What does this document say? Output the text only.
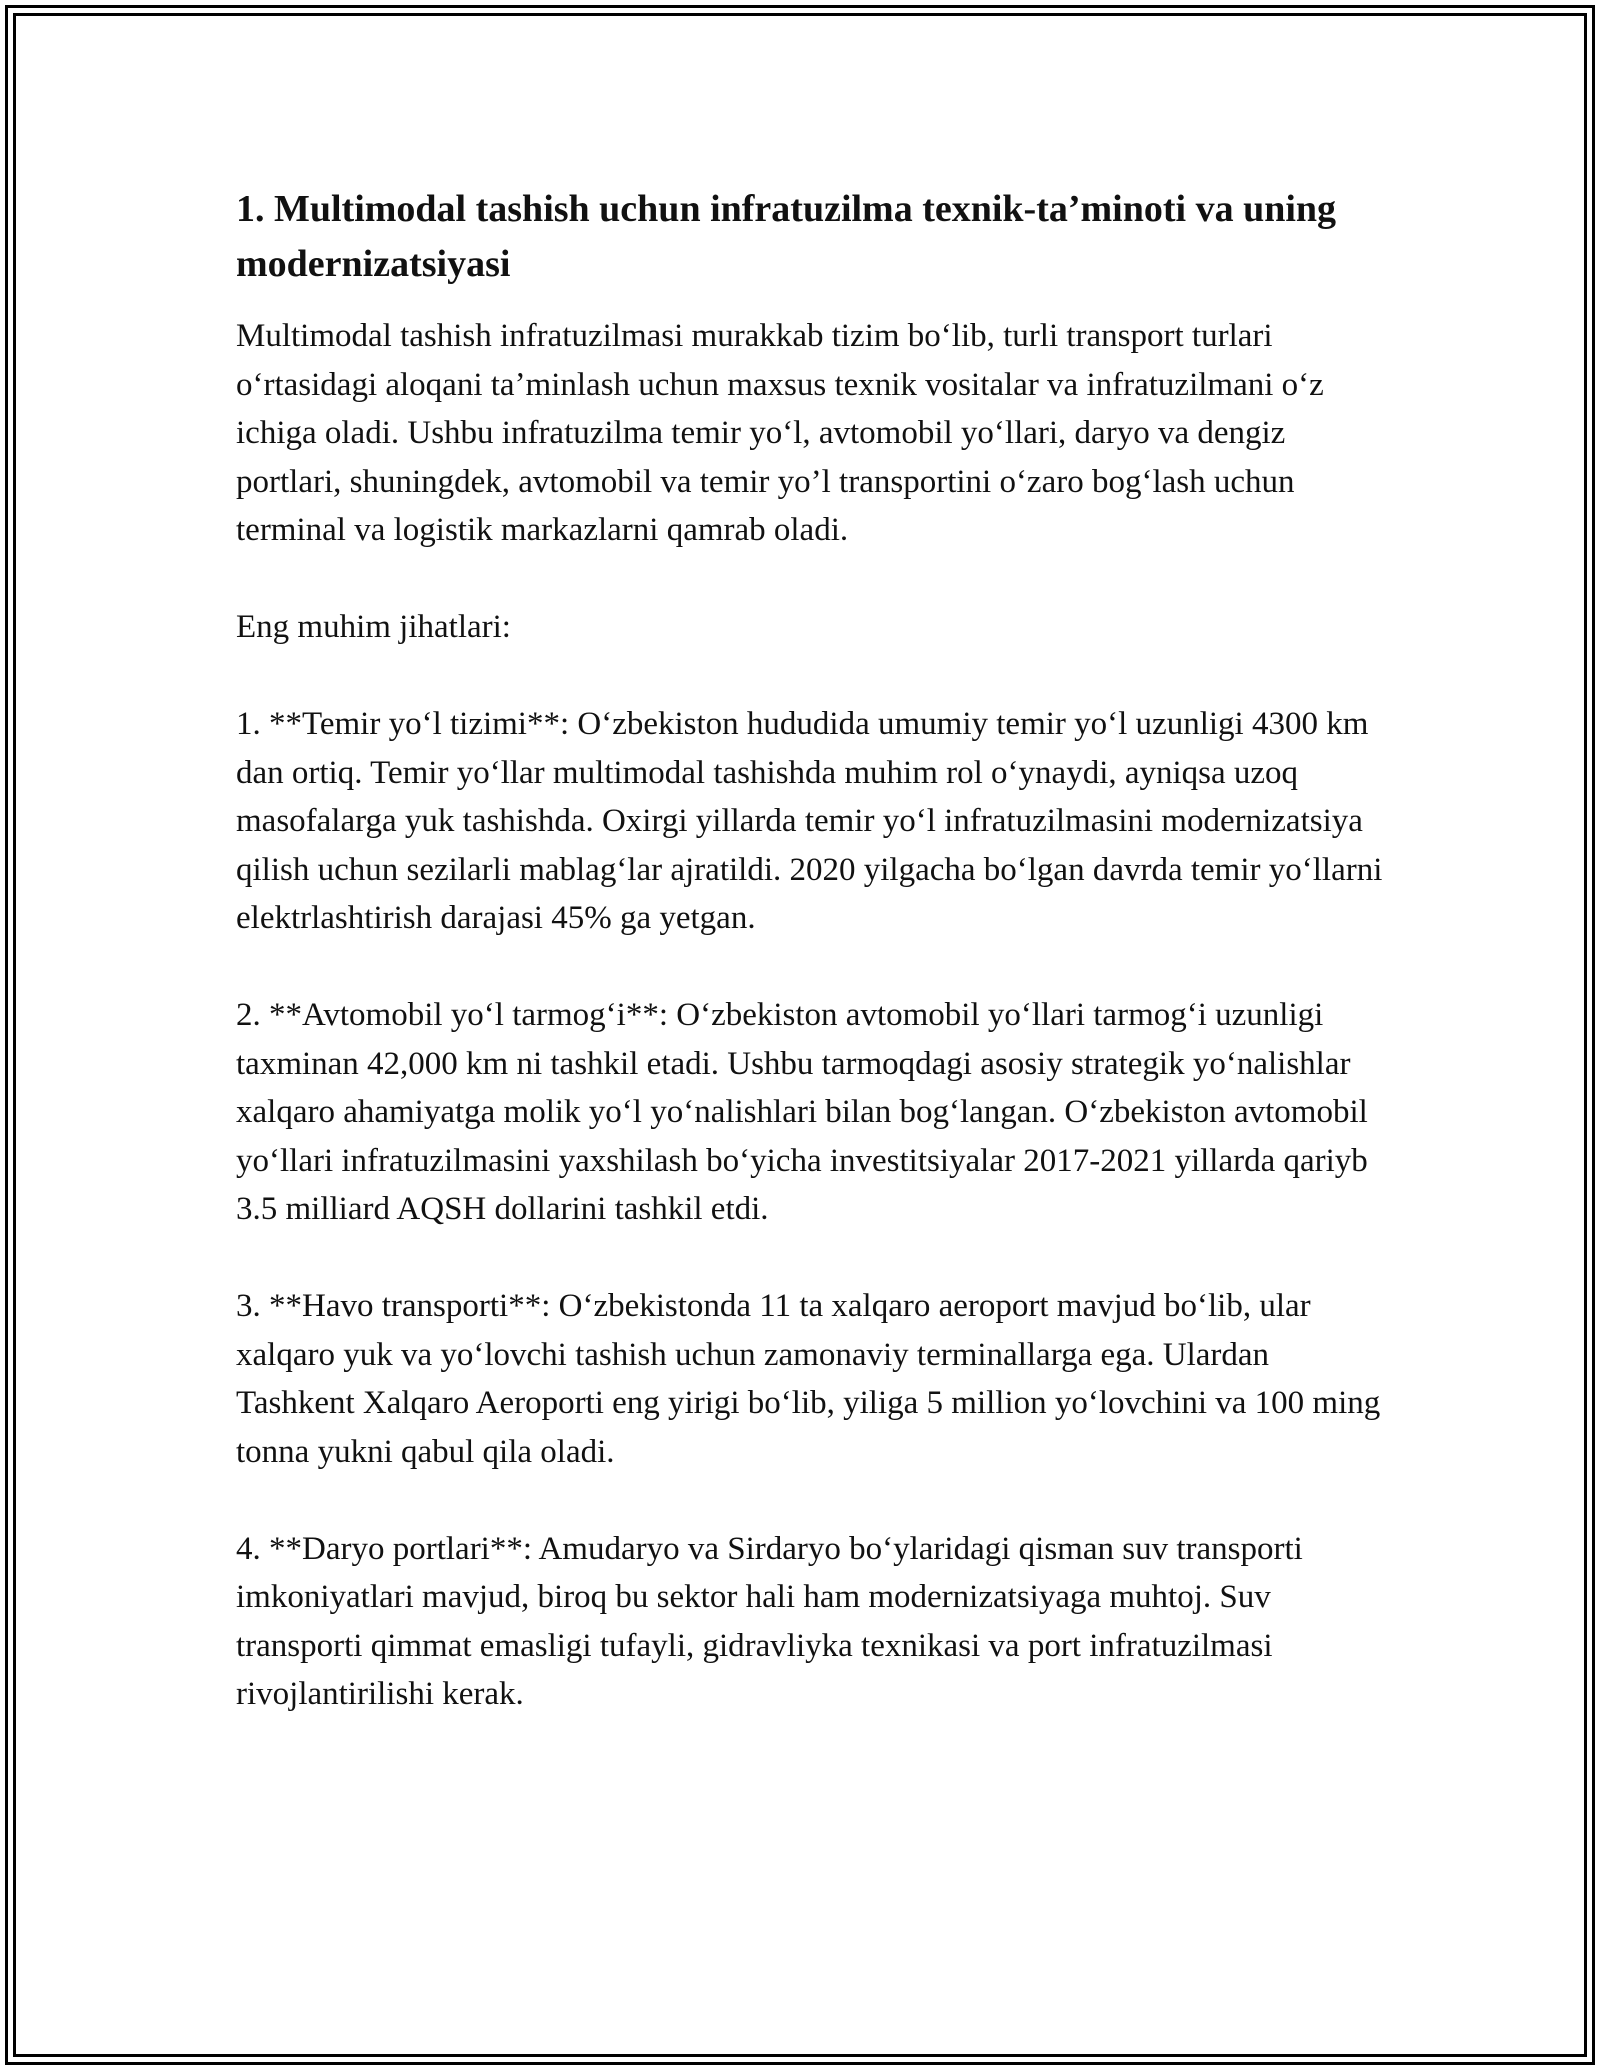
1. Multimodal tashish uchun infratuzilma texnik-ta’minoti va uning modernizatsiyasi

Multimodal tashish infratuzilmasi murakkab tizim boʻlib, turli transport turlari oʻrtasidagi aloqani taʼminlash uchun maxsus texnik vositalar va infratuzilmani oʻz ichiga oladi. Ushbu infratuzilma temir yoʻl, avtomobil yoʻllari, daryo va dengiz portlari, shuningdek, avtomobil va temir yo’l transportini oʻzaro bogʻlash uchun terminal va logistik markazlarni qamrab oladi.

Eng muhim jihatlari:

1. **Temir yoʻl tizimi**: Oʻzbekiston hududida umumiy temir yoʻl uzunligi 4300 km dan ortiq. Temir yoʻllar multimodal tashishda muhim rol oʻynaydi, ayniqsa uzoq masofalarga yuk tashishda. Oxirgi yillarda temir yoʻl infratuzilmasini modernizatsiya qilish uchun sezilarli mablagʻlar ajratildi. 2020 yilgacha boʻlgan davrda temir yoʻllarni elektrlashtirish darajasi 45% ga yetgan.

2. **Avtomobil yoʻl tarmogʻi**: Oʻzbekiston avtomobil yoʻllari tarmogʻi uzunligi taxminan 42,000 km ni tashkil etadi. Ushbu tarmoqdagi asosiy strategik yoʻnalishlar xalqaro ahamiyatga molik yoʻl yoʻnalishlari bilan bogʻlangan. Oʻzbekiston avtomobil yoʻllari infratuzilmasini yaxshilash boʻyicha investitsiyalar 2017-2021 yillarda qariyb 3.5 milliard AQSH dollarini tashkil etdi.

3. **Havo transporti**: Oʻzbekistonda 11 ta xalqaro aeroport mavjud boʻlib, ular xalqaro yuk va yoʻlovchi tashish uchun zamonaviy terminallarga ega. Ulardan Tashkent Xalqaro Aeroporti eng yirigi boʻlib, yiliga 5 million yoʻlovchini va 100 ming tonna yukni qabul qila oladi.

4. **Daryo portlari**: Amudaryo va Sirdaryo boʻylaridagi qisman suv transporti imkoniyatlari mavjud, biroq bu sektor hali ham modernizatsiyaga muhtoj. Suv transporti qimmat emasligi tufayli, gidravliyka texnikasi va port infratuzilmasi rivojlantirilishi kerak.
